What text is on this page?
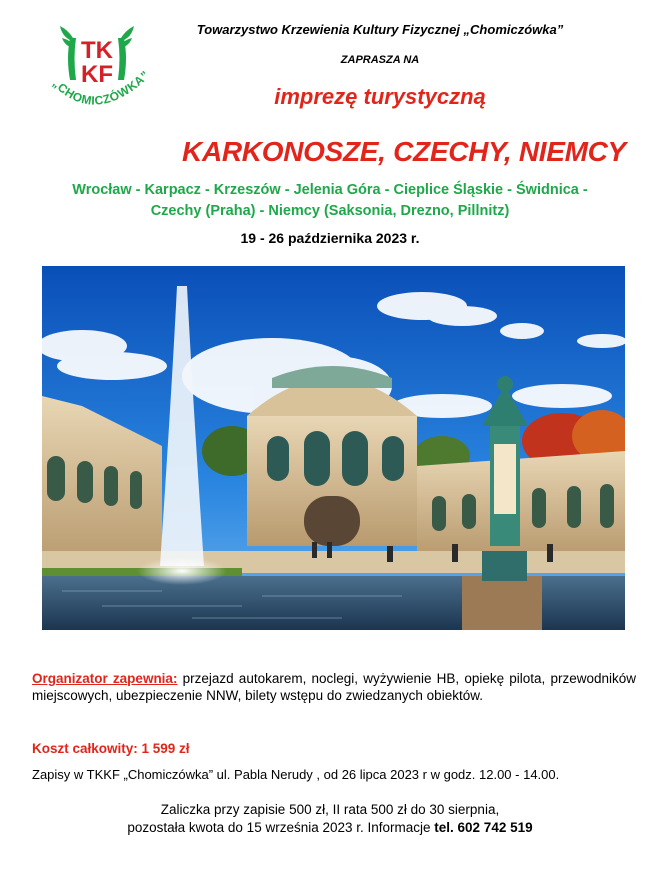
TK
KF
„CHOMICZÓWKA”
Towarzystwo Krzewienia Kultury Fizycznej „Chomiczówka”
ZAPRASZA NA
imprezę turystyczną
KARKONOSZE, CZECHY, NIEMCY
Wrocław - Karpacz - Krzeszów - Jelenia Góra - Cieplice Śląskie - Świdnica -
Czechy (Praha) - Niemcy (Saksonia, Drezno, Pillnitz)
19 - 26 października 2023 r.
Organizator zapewnia: przejazd autokarem, noclegi, wyżywienie HB, opiekę pilota, przewodników miejscowych, ubezpieczenie NNW, bilety wstępu do zwiedzanych obiektów.
Koszt całkowity: 1 599 zł
Zapisy w TKKF „Chomiczówka” ul. Pabla Nerudy , od 26 lipca 2023 r w godz. 12.00 - 14.00.
Zaliczka przy zapisie 500 zł, II rata 500 zł do 30 sierpnia,
pozostała kwota do 15 września 2023 r. Informacje tel. 602 742 519
